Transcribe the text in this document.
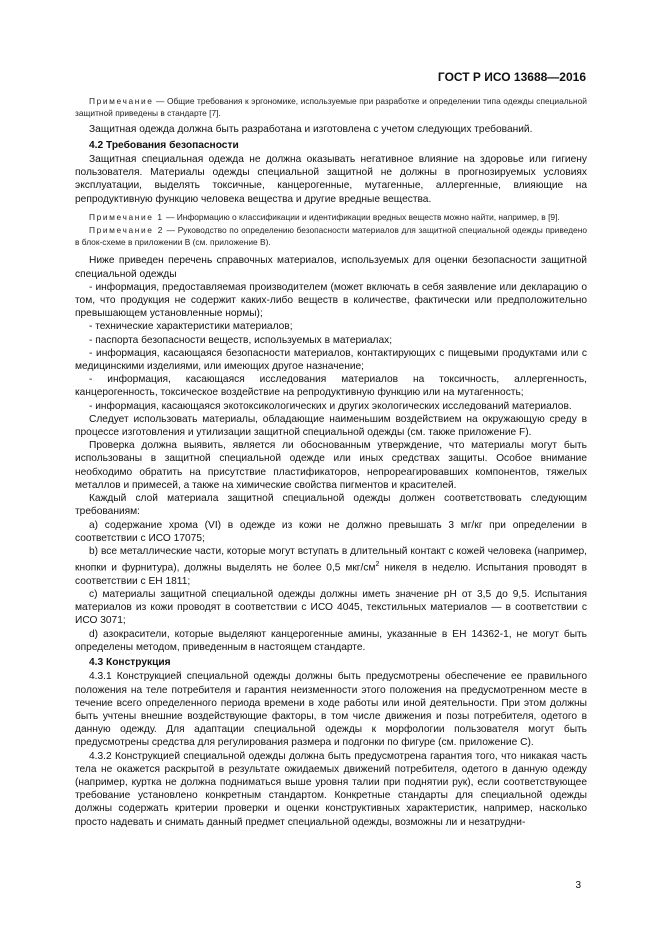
ГОСТ Р ИСО 13688—2016

Примечание — Общие требования к эргономике, используемые при разработке и определении типа одежды специальной защитной приведены в стандарте [7].

Защитная одежда должна быть разработана и изготовлена с учетом следующих требований.

4.2 Требования безопасности

Защитная специальная одежда не должна оказывать негативное влияние на здоровье или гигиену пользователя. Материалы одежды специальной защитной не должны в прогнозируемых условиях эксплуатации, выделять токсичные, канцерогенные, мутагенные, аллергенные, влияющие на репродуктивную функцию человека вещества и другие вредные вещества.

Примечание 1 — Информацию о классификации и идентификации вредных веществ можно найти, например, в [9].

Примечание 2 — Руководство по определению безопасности материалов для защитной специальной одежды приведено в блок-схеме в приложении В (см. приложение В).

Ниже приведен перечень справочных материалов, используемых для оценки безопасности защитной специальной одежды

- информация, предоставляемая производителем (может включать в себя заявление или декларацию о том, что продукция не содержит каких-либо веществ в количестве, фактически или предположительно превышающем установленные нормы);

- технические характеристики материалов;

- паспорта безопасности веществ, используемых в материалах;

- информация, касающаяся безопасности материалов, контактирующих с пищевыми продуктами или с медицинскими изделиями, или имеющих другое назначение;

- информация, касающаяся исследования материалов на токсичность, аллергенность, канцерогенность, токсическое воздействие на репродуктивную функцию или на мутагенность;

- информация, касающаяся экотоксикологических и других экологических исследований материалов.

Следует использовать материалы, обладающие наименьшим воздействием на окружающую среду в процессе изготовления и утилизации защитной специальной одежды (см. также приложение F).

Проверка должна выявить, является ли обоснованным утверждение, что материалы могут быть использованы в защитной специальной одежде или иных средствах защиты. Особое внимание необходимо обратить на присутствие пластификаторов, непрореагировавших компонентов, тяжелых металлов и примесей, а также на химические свойства пигментов и красителей.

Каждый слой материала защитной специальной одежды должен соответствовать следующим требованиям:

а) содержание хрома (VI) в одежде из кожи не должно превышать 3 мг/кг при определении в соответствии с ИСО 17075;

b) все металлические части, которые могут вступать в длительный контакт с кожей человека (например, кнопки и фурнитура), должны выделять не более 0,5 мкг/$см^2$ никеля в неделю. Испытания проводят в соответствии с ЕН 1811;

с) материалы защитной специальной одежды должны иметь значение pH от 3,5 до 9,5. Испытания материалов из кожи проводят в соответствии с ИСО 4045, текстильных материалов — в соответствии с ИСО 3071;

d) азокрасители, которые выделяют канцерогенные амины, указанные в ЕН 14362-1, не могут быть определены методом, приведенным в настоящем стандарте.

4.3 Конструкция

4.3.1 Конструкцией специальной одежды должны быть предусмотрены обеспечение ее правильного положения на теле потребителя и гарантия неизменности этого положения на предусмотренном месте в течение всего определенного периода времени в ходе работы или иной деятельности. При этом должны быть учтены внешние воздействующие факторы, в том числе движения и позы потребителя, одетого в данную одежду. Для адаптации специальной одежды к морфологии пользователя могут быть предусмотрены средства для регулирования размера и подгонки по фигуре (см. приложение С).

4.3.2 Конструкцией специальной одежды должна быть предусмотрена гарантия того, что никакая часть тела не окажется раскрытой в результате ожидаемых движений потребителя, одетого в данную одежду (например, куртка не должна подниматься выше уровня талии при поднятии рук), если соответствующее требование установлено конкретным стандартом. Конкретные стандарты для специальной одежды должны содержать критерии проверки и оценки конструктивных характеристик, например, насколько просто надевать и снимать данный предмет специальной одежды, возможны ли и незатрудни-

3
